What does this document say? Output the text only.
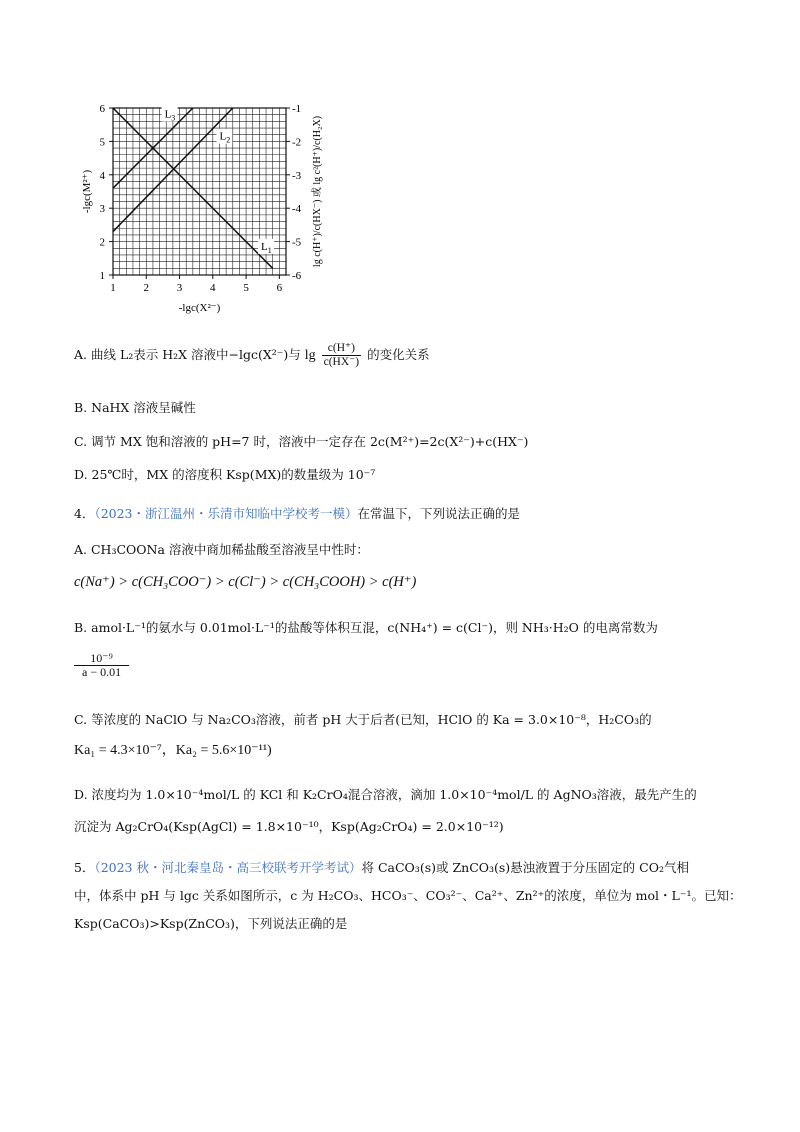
1	2	3	4	5	6
1
2
3
4
5
6	-1
-2
-3
-4
-5
-6
-lgc(X²⁻)
-lgc(M²⁺)
lg c(H⁺)/c(HX⁻) 或 lg c²(H⁺)/c(H₂X)
$L_1$
$L_2$
$L_3$
A. 曲线 L₂表示 H₂X 溶液中−lgc(X²⁻)与 $\lg \frac{c(H^+)}{c(HX^-)}$ 的变化关系
B. NaHX 溶液呈碱性
C. 调节 MX 饱和溶液的 pH=7 时，溶液中一定存在 2c(M²⁺)=2c(X²⁻)+c(HX⁻)
D. 25℃时，MX 的溶度积 Ksp(MX)的数量级为 10⁻⁷
4．（2023・浙江温州・乐清市知临中学校考一模）在常温下，下列说法正确的是
A. CH₃COONa 溶液中商加稀盐酸至溶液呈中性时：
c(Na⁺) > c(CH₃COO⁻) > c(Cl⁻) > c(CH₃COOH) > c(H⁺)
B. amol·L⁻¹的氨水与 0.01mol·L⁻¹的盐酸等体积互混，c(NH₄⁺) = c(Cl⁻)，则 NH₃·H₂O 的电离常数为
$\frac{\text{10⁻⁹}}{a - 0.01}$
C. 等浓度的 NaClO 与 Na₂CO₃溶液，前者 pH 大于后者(已知，HClO 的 Ka = 3.0×10⁻⁸，H₂CO₃的
Ka₁ = 4.3×10⁻⁷，Ka₂ = 5.6×10⁻¹¹)
D. 浓度均为 1.0×10⁻⁴mol/L 的 KCl 和 K₂CrO₄混合溶液，滴加 1.0×10⁻⁴mol/L 的 AgNO₃溶液，最先产生的
沉淀为 Ag₂CrO₄(Ksp(AgCl) = 1.8×10⁻¹⁰，Ksp(Ag₂CrO₄) = 2.0×10⁻¹²)
5．（2023 秋・河北秦皇岛・高三校联考开学考试）将 CaCO₃(s)或 ZnCO₃(s)悬浊液置于分压固定的 CO₂气相
中，体系中 pH 与 lgc 关系如图所示，c 为 H₂CO₃、HCO₃⁻、CO₃²⁻、Ca²⁺、Zn²⁺的浓度，单位为 mol・L⁻¹。已知：
Ksp(CaCO₃)>Ksp(ZnCO₃)，下列说法正确的是
